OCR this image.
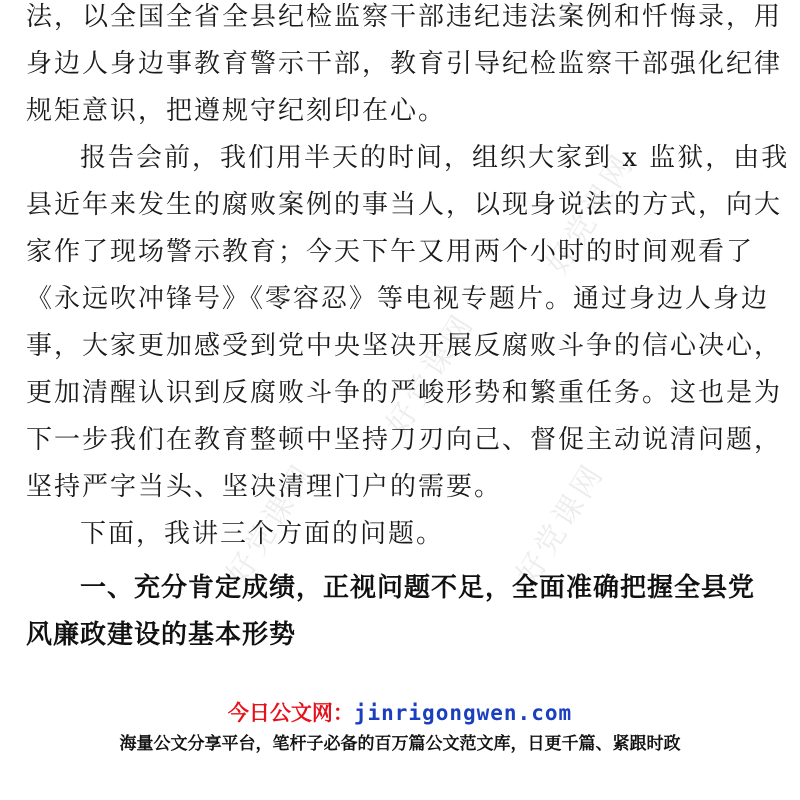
好党课网
好党课网
好党课网	好党课网
法，以全国全省全县纪检监察干部违纪违法案例和忏悔录，用
身边人身边事教育警示干部，教育引导纪检监察干部强化纪律
规矩意识，把遵规守纪刻印在心。
报告会前，我们用半天的时间，组织大家到 x 监狱，由我
县近年来发生的腐败案例的事当人，以现身说法的方式，向大
家作了现场警示教育；今天下午又用两个小时的时间观看了
《永远吹冲锋号》《零容忍》等电视专题片。通过身边人身边
事，大家更加感受到党中央坚决开展反腐败斗争的信心决心，
更加清醒认识到反腐败斗争的严峻形势和繁重任务。这也是为
下一步我们在教育整顿中坚持刀刃向己、督促主动说清问题，
坚持严字当头、坚决清理门户的需要。
下面，我讲三个方面的问题。
一、充分肯定成绩，正视问题不足，全面准确把握全县党
风廉政建设的基本形势
今日公文网：jinrigongwen.com
海量公文分享平台，笔杆子必备的百万篇公文范文库，日更千篇、紧跟时政
